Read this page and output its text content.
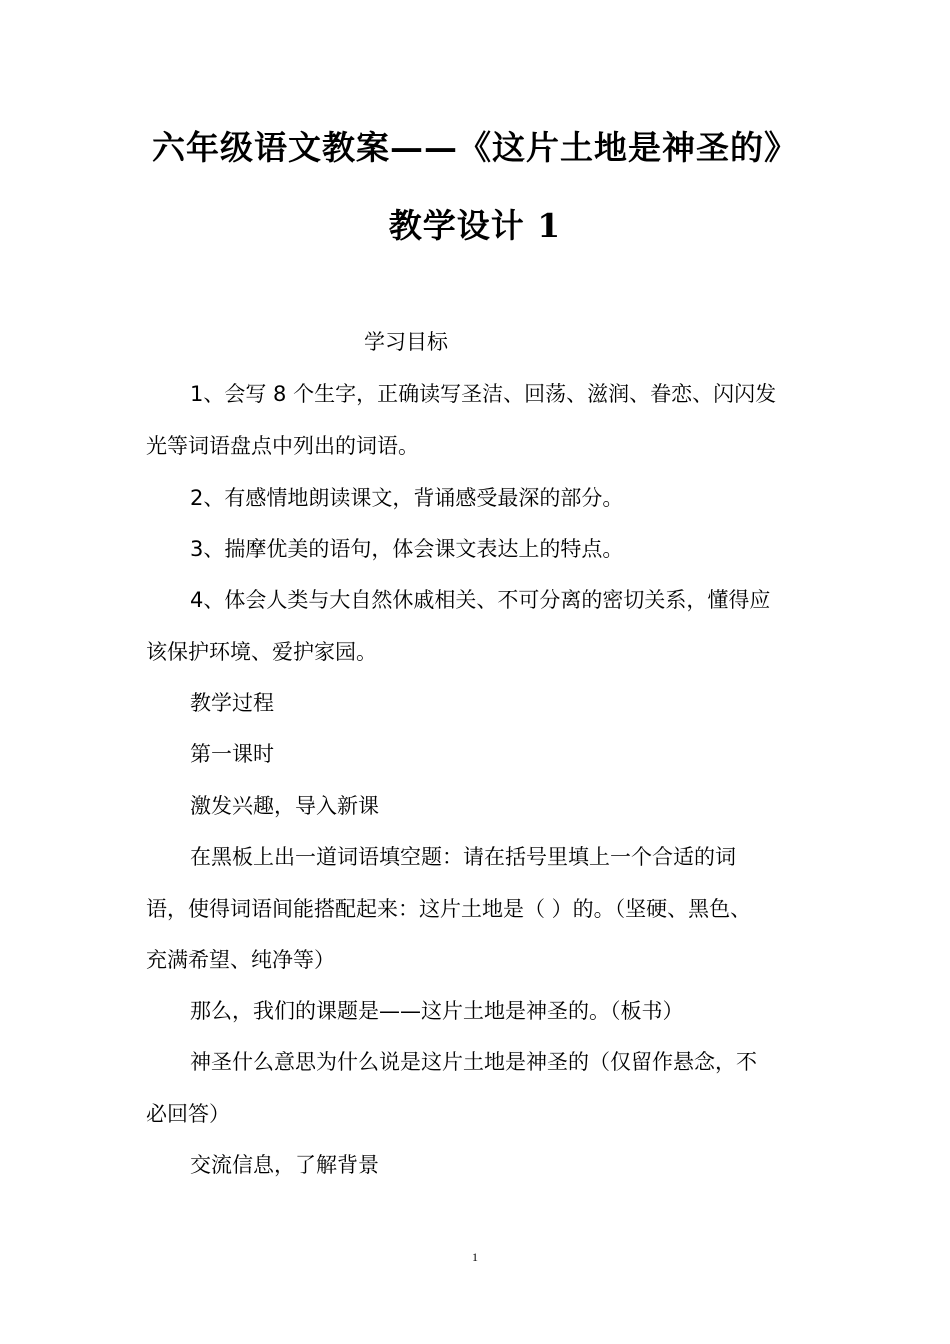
六年级语文教案——《这片土地是神圣的》
教学设计 1
学习目标
1、会写 8 个生字，正确读写圣洁、回荡、滋润、眷恋、闪闪发
光等词语盘点中列出的词语。
2、有感情地朗读课文，背诵感受最深的部分。
3、揣摩优美的语句，体会课文表达上的特点。
4、体会人类与大自然休戚相关、不可分离的密切关系，懂得应
该保护环境、爱护家园。
教学过程
第一课时
激发兴趣，导入新课
在黑板上出一道词语填空题：请在括号里填上一个合适的词
语，使得词语间能搭配起来：这片土地是（ ）的。（坚硬、黑色、
充满希望、纯净等）
那么，我们的课题是——这片土地是神圣的。（板书）
神圣什么意思为什么说是这片土地是神圣的（仅留作悬念，不
必回答）
交流信息，了解背景
1
